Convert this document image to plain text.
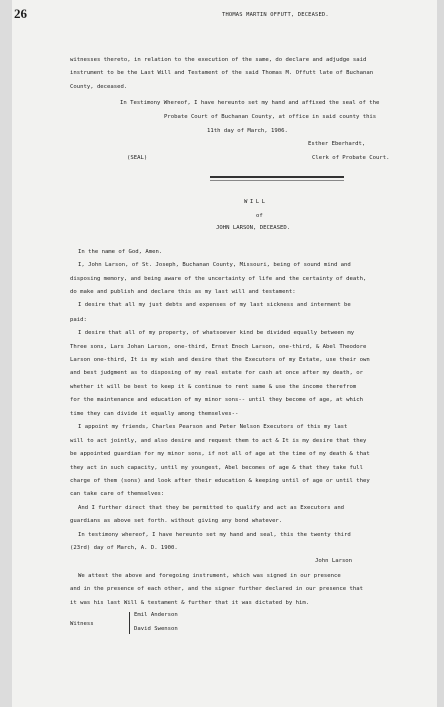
26	THOMAS MARTIN OFFUTT, DECEASED.
witnesses thereto, in relation to the execution of the same, do declare and adjudge said
instrument to be the Last Will and Testament of the said Thomas M. Offutt late of Buchanan
County, deceased.
In Testimony Whereof, I have hereunto set my hand and affixed the seal of the
Probate Court of Buchanan County, at office in said county this
11th day of March, 1906.
Esther Eberhardt,
(SEAL)	Clerk of Probate Court.
WILL
of
JOHN LARSON, DECEASED.
In the name of God, Amen.
I, John Larson, of St. Joseph, Buchanan County, Missouri, being of sound mind and
disposing memory, and being aware of the uncertainty of life and the certainty of death,
do make and publish and declare this as my last will and testament:
I desire that all my just debts and expenses of my last sickness and interment be
paid:
I desire that all of my property, of whatsoever kind be divided equally between my
Three sons, Lars Johan Larson, one-third, Ernst Enoch Larson, one-third, & Abel Theodore
Larson one-third, It is my wish and desire that the Executors of my Estate, use their own
and best judgment as to disposing of my real estate for cash at once after my death, or
whether it will be best to keep it & continue to rent same & use the income therefrom
for the maintenance and education of my minor sons-- until they become of age, at which
time they can divide it equally among themselves--
I appoint my friends, Charles Pearson and Peter Nelson Executors of this my last
will to act jointly, and also desire and request them to act & It is my desire that they
be appointed guardian for my minor sons, if not all of age at the time of my death & that
they act in such capacity, until my youngest, Abel becomes of age & that they take full
charge of them (sons) and look after their education & keeping until of age or until they
can take care of themselves:
And I further direct that they be permitted to qualify and act as Executors and
guardians as above set forth. without giving any bond whatever.
In testimony whereof, I have hereunto set my hand and seal, this the twenty third
(23rd) day of March, A. D. 1900.
John Larson
We attest the above and foregoing instrument, which was signed in our presence
and in the presence of each other, and the signer further declared in our presence that
it was his last Will & testament & further that it was dictated by him.
Witness
Emil Anderson
David Swenson
